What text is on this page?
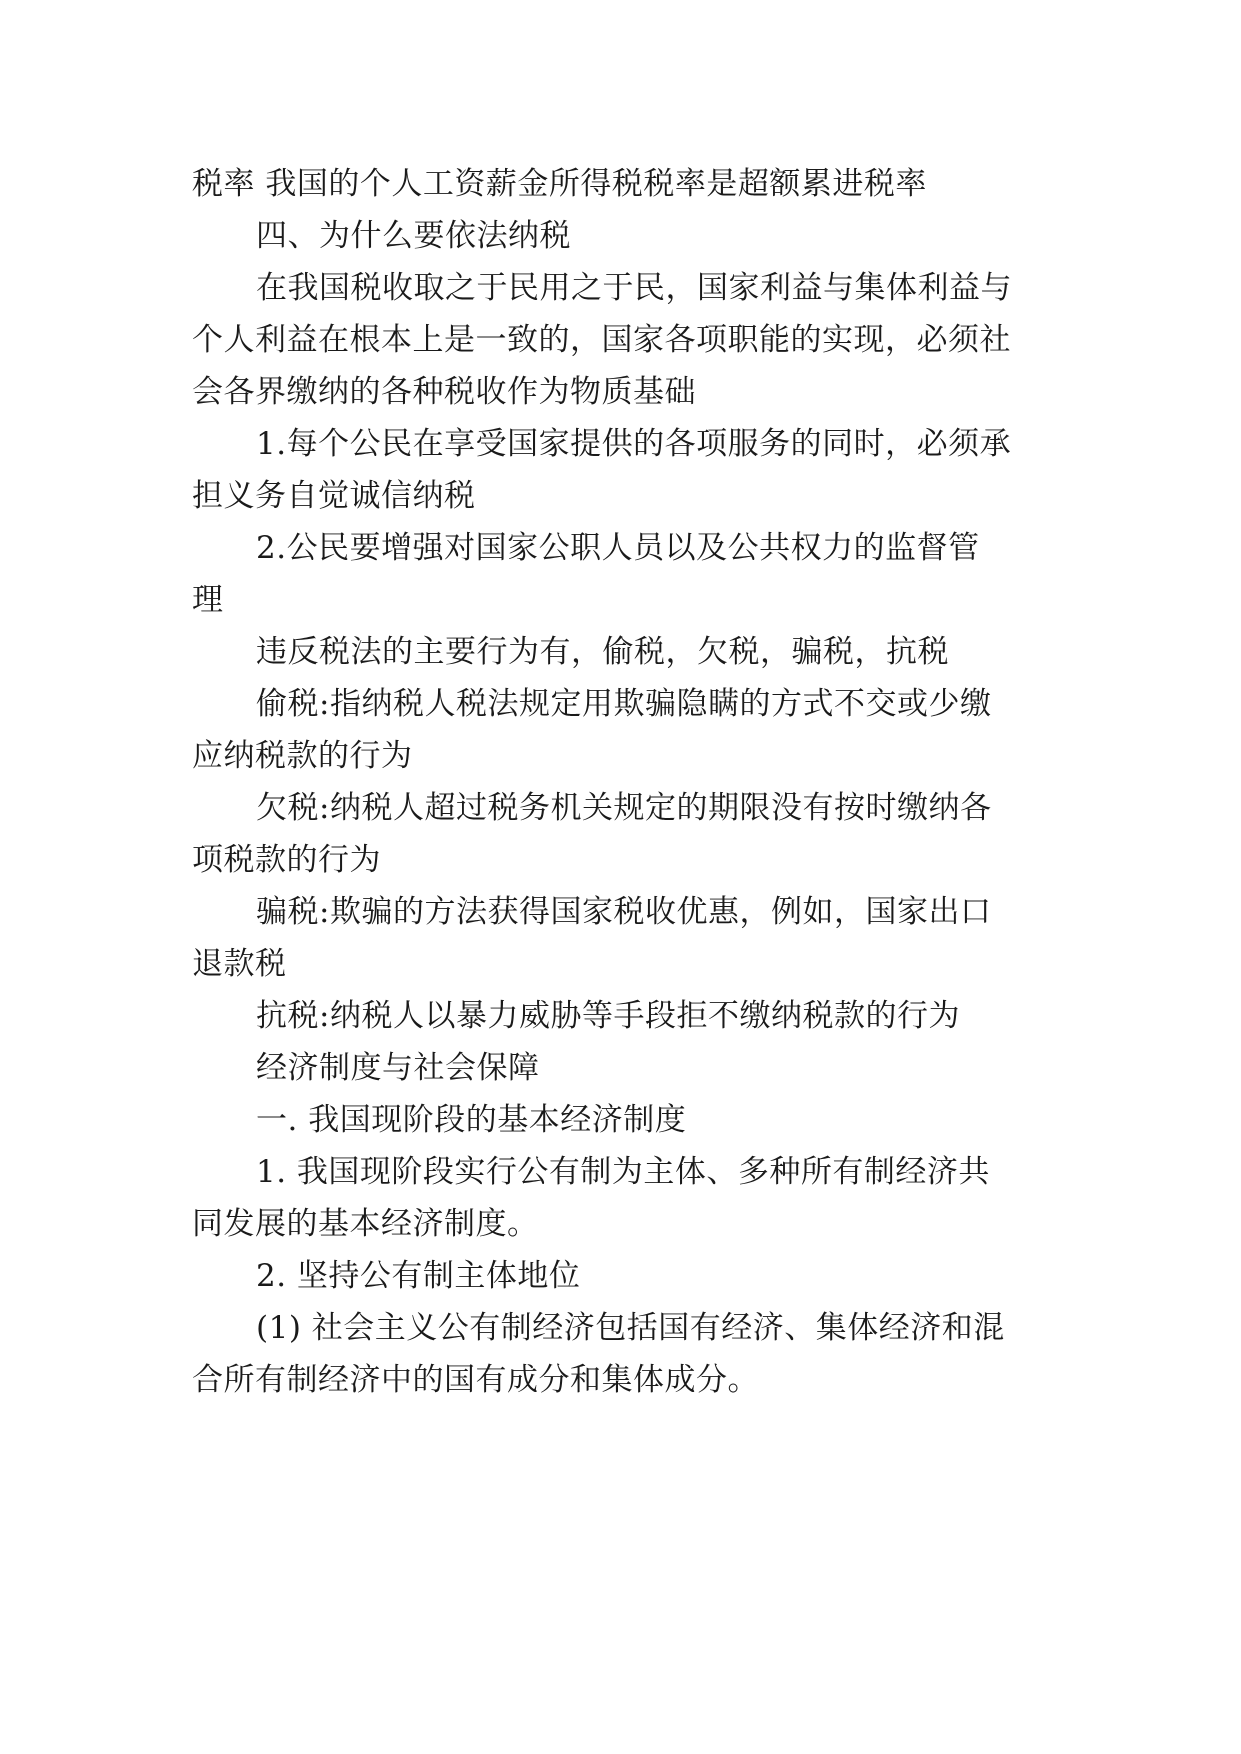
税率 我国的个人工资薪金所得税税率是超额累进税率
四、为什么要依法纳税
在我国税收取之于民用之于民，国家利益与集体利益与
个人利益在根本上是一致的，国家各项职能的实现，必须社
会各界缴纳的各种税收作为物质基础
1.每个公民在享受国家提供的各项服务的同时，必须承
担义务自觉诚信纳税
2.公民要增强对国家公职人员以及公共权力的监督管
理
违反税法的主要行为有，偷税，欠税，骗税，抗税
偷税:指纳税人税法规定用欺骗隐瞒的方式不交或少缴
应纳税款的行为
欠税:纳税人超过税务机关规定的期限没有按时缴纳各
项税款的行为
骗税:欺骗的方法获得国家税收优惠，例如，国家出口
退款税
抗税:纳税人以暴力威胁等手段拒不缴纳税款的行为
经济制度与社会保障
一. 我国现阶段的基本经济制度
1. 我国现阶段实行公有制为主体、多种所有制经济共
同发展的基本经济制度。
2. 坚持公有制主体地位
(1) 社会主义公有制经济包括国有经济、集体经济和混
合所有制经济中的国有成分和集体成分。
